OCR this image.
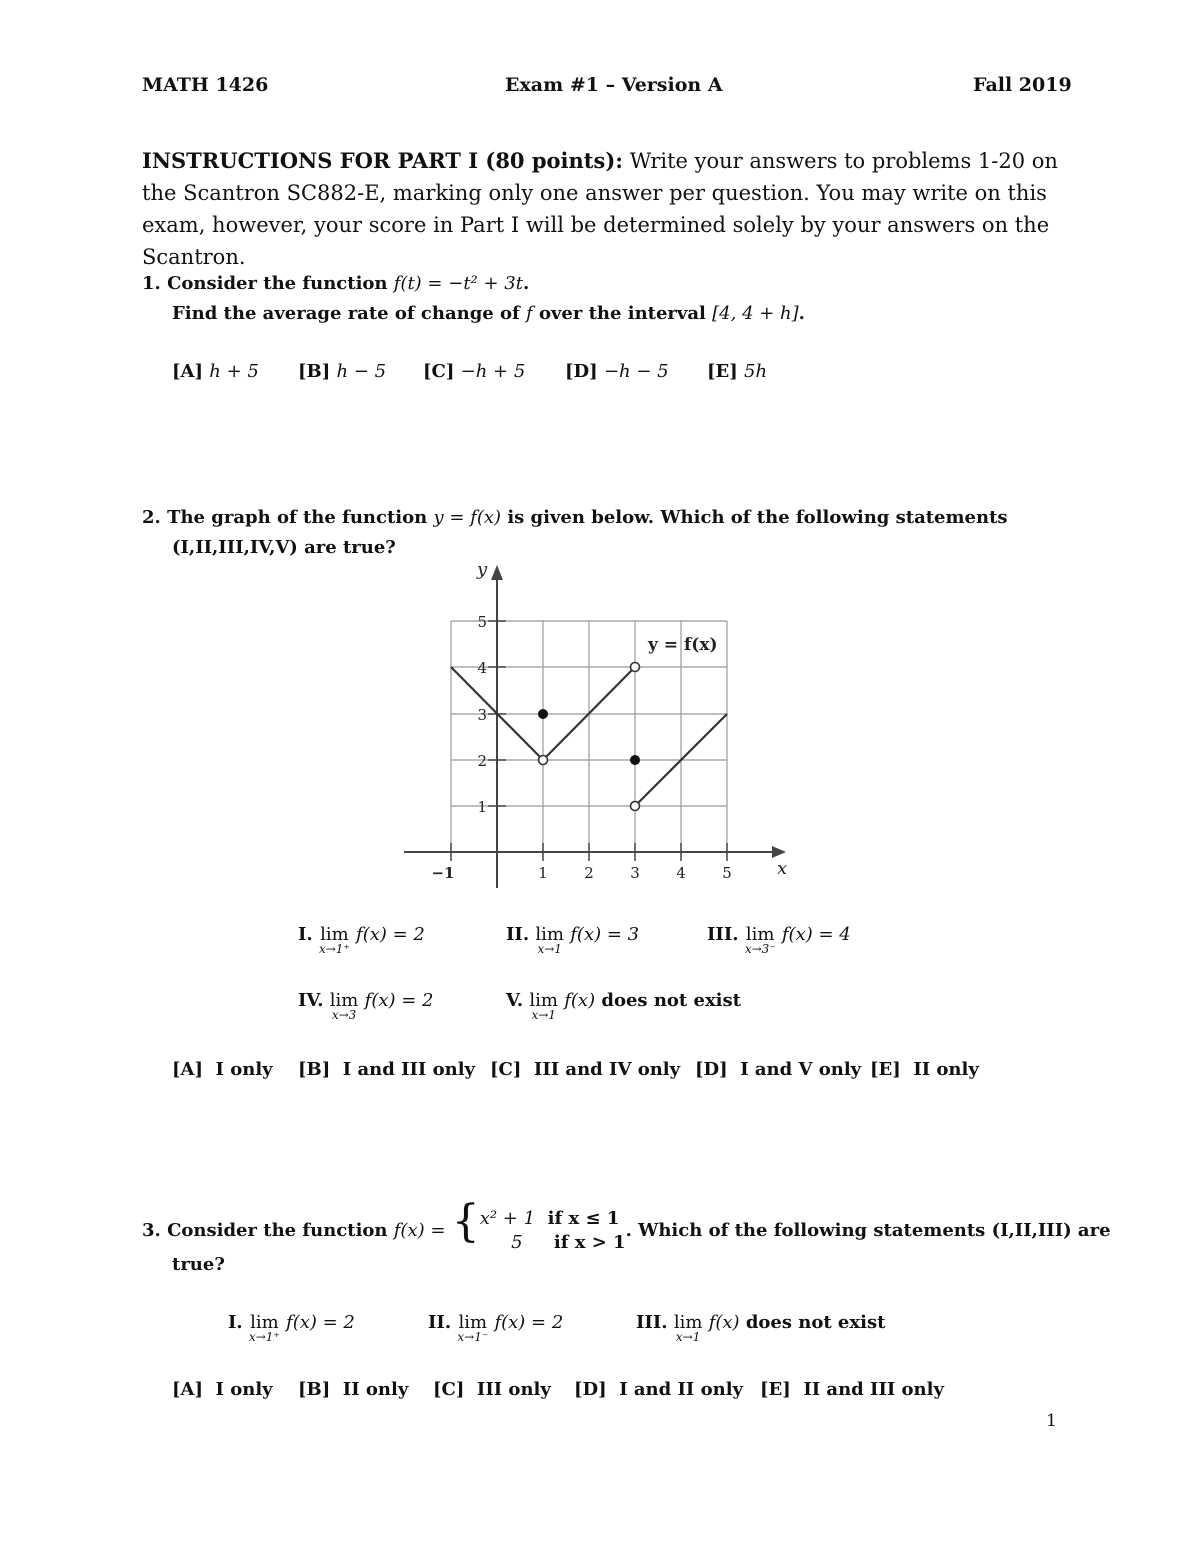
MATH 1426	Exam #1 – Version A	Fall 2019

INSTRUCTIONS FOR PART I (80 points): Write your answers to problems 1-20 on the Scantron SC882-E, marking only one answer per question. You may write on this exam, however, your score in Part I will be determined solely by your answers on the Scantron.

1. Consider the function f(t) = −t² + 3t.
Find the average rate of change of f over the interval [4, 4 + h].
[A] h + 5 [B] h − 5 [C] −h + 5 [D] −h − 5 [E] 5h
2. The graph of the function y = f(x) is given below. Which of the following statements
(I,II,III,IV,V) are true?
5
4
3
2
1
−1	1 2 3 4 5	x
y
y = f(x)
I. lim
x→1⁺
f(x) = 2	II. lim
x→1
f(x) = 3	III. lim
x→3⁻
f(x) = 4
IV. lim
x→3
f(x) = 2	V. lim
x→1
f(x) does not exist
[A] I only [B] I and III only [C] III and IV only [D] I and V only [E] II only
3. Consider the function f(x) = { x² + 1 if x ≤ 1
5 if x > 1
. Which of the following statements (I,II,III) are
true?
I. lim
x→1⁺
f(x) = 2	II. lim
x→1⁻
f(x) = 2	III. lim
x→1
f(x) does not exist
[A] I only [B] II only [C] III only [D] I and II only [E] II and III only
1
